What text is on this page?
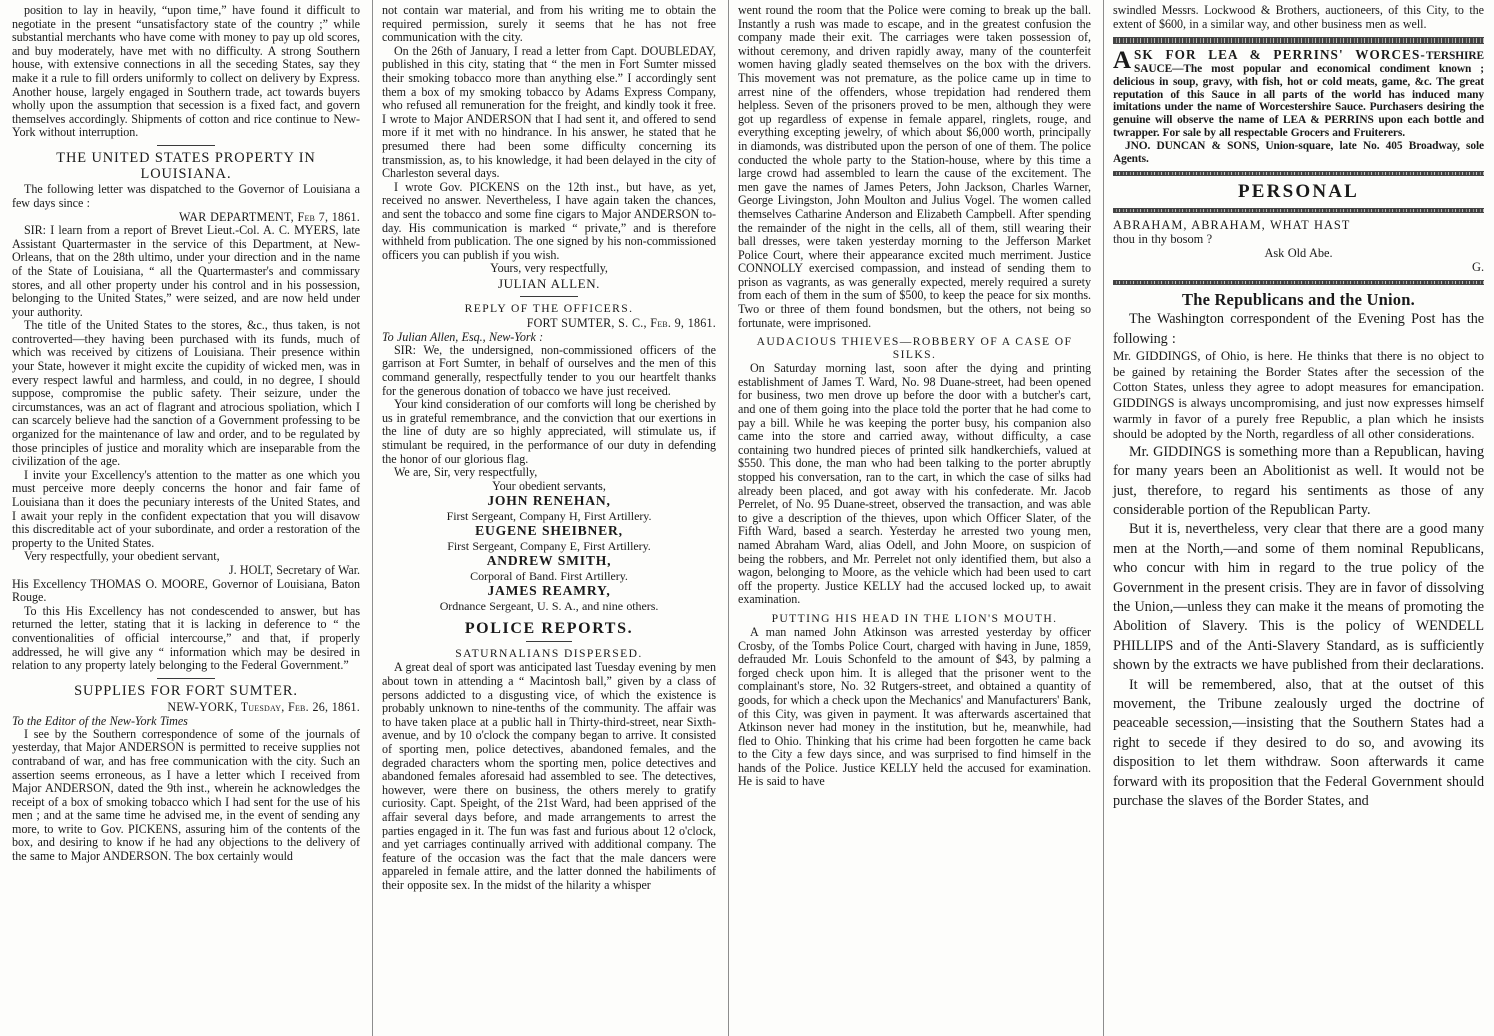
position to lay in heavily, “upon time,” have found it difficult to negotiate in the present “unsatisfactory state of the country ;” while substantial merchants who have come with money to pay up old scores, and buy moderately, have met with no difficulty. A strong Southern house, with extensive connections in all the seceding States, say they make it a rule to fill orders uniformly to collect on delivery by Express. Another house, largely engaged in Southern trade, act towards buyers wholly upon the assumption that secession is a fixed fact, and govern themselves accordingly. Shipments of cotton and rice continue to New-York without interruption.

THE UNITED STATES PROPERTY IN LOUISIANA.

The following letter was dispatched to the Governor of Louisiana a few days since :

WAR DEPARTMENT, Feb 7, 1861.

SIR: I learn from a report of Brevet Lieut.-Col. A. C. MYERS, late Assistant Quartermaster in the service of this Department, at New-Orleans, that on the 28th ultimo, under your direction and in the name of the State of Louisiana, “ all the Quartermaster's and commissary stores, and all other property under his control and in his possession, belonging to the United States,” were seized, and are now held under your authority.

The title of the United States to the stores, &c., thus taken, is not controverted—they having been purchased with its funds, much of which was received by citizens of Louisiana. Their presence within your State, however it might excite the cupidity of wicked men, was in every respect lawful and harmless, and could, in no degree, I should suppose, compromise the public safety. Their seizure, under the circumstances, was an act of flagrant and atrocious spoliation, which I can scarcely believe had the sanction of a Government professing to be organized for the maintenance of law and order, and to be regulated by those principles of justice and morality which are inseparable from the civilization of the age.

I invite your Excellency's attention to the matter as one which you must perceive more deeply concerns the honor and fair fame of Louisiana than it does the pecuniary interests of the United States, and I await your reply in the confident expectation that you will disavow this discreditable act of your subordinate, and order a restoration of the property to the United States.

Very respectfully, your obedient servant,

J. HOLT, Secretary of War.

His Excellency THOMAS O. MOORE, Governor of Louisiana, Baton Rouge.

To this His Excellency has not condescended to answer, but has returned the letter, stating that it is lacking in deference to “ the conventionalities of official intercourse,” and that, if properly addressed, he will give any “ information which may be desired in relation to any property lately belonging to the Federal Government.”

SUPPLIES FOR FORT SUMTER.

NEW-YORK, Tuesday, Feb. 26, 1861.

To the Editor of the New-York Times

I see by the Southern correspondence of some of the journals of yesterday, that Major ANDERSON is permitted to receive supplies not contraband of war, and has free communication with the city. Such an assertion seems erroneous, as I have a letter which I received from Major ANDERSON, dated the 9th inst., wherein he acknowledges the receipt of a box of smoking tobacco which I had sent for the use of his men ; and at the same time he advised me, in the event of sending any more, to write to Gov. PICKENS, assuring him of the contents of the box, and desiring to know if he had any objections to the delivery of the same to Major ANDERSON. The box certainly would

not contain war material, and from his writing me to obtain the required permission, surely it seems that he has not free communication with the city.

On the 26th of January, I read a letter from Capt. DOUBLEDAY, published in this city, stating that “ the men in Fort Sumter missed their smoking tobacco more than anything else.” I accordingly sent them a box of my smoking tobacco by Adams Express Company, who refused all remuneration for the freight, and kindly took it free. I wrote to Major ANDERSON that I had sent it, and offered to send more if it met with no hindrance. In his answer, he stated that he presumed there had been some difficulty concerning its transmission, as, to his knowledge, it had been delayed in the city of Charleston several days.

I wrote Gov. PICKENS on the 12th inst., but have, as yet, received no answer. Nevertheless, I have again taken the chances, and sent the tobacco and some fine cigars to Major ANDERSON to-day. His communication is marked “ private,” and is therefore withheld from publication. The one signed by his non-commissioned officers you can publish if you wish.

Yours, very respectfully,

JULIAN ALLEN.

REPLY OF THE OFFICERS.

FORT SUMTER, S. C., Feb. 9, 1861.

To Julian Allen, Esq., New-York :

SIR: We, the undersigned, non-commissioned officers of the garrison at Fort Sumter, in behalf of ourselves and the men of this command generally, respectfully tender to you our heartfelt thanks for the generous donation of tobacco we have just received.

Your kind consideration of our comforts will long be cherished by us in grateful remembrance, and the conviction that our exertions in the line of duty are so highly appreciated, will stimulate us, if stimulant be required, in the performance of our duty in defending the honor of our glorious flag.

We are, Sir, very respectfully,

Your obedient servants,

JOHN RENEHAN,

First Sergeant, Company H, First Artillery.

EUGENE SHEIBNER,

First Sergeant, Company E, First Artillery.

ANDREW SMITH,

Corporal of Band. First Artillery.

JAMES REAMRY,

Ordnance Sergeant, U. S. A., and nine others.

POLICE REPORTS.
SATURNALIANS DISPERSED.

A great deal of sport was anticipated last Tuesday evening by men about town in attending a “ Macintosh ball,” given by a class of persons addicted to a disgusting vice, of which the existence is probably unknown to nine-tenths of the community. The affair was to have taken place at a public hall in Thirty-third-street, near Sixth-avenue, and by 10 o'clock the company began to arrive. It consisted of sporting men, police detectives, abandoned females, and the degraded characters whom the sporting men, police detectives and abandoned females aforesaid had assembled to see. The detectives, however, were there on business, the others merely to gratify curiosity. Capt. Speight, of the 21st Ward, had been apprised of the affair several days before, and made arrangements to arrest the parties engaged in it. The fun was fast and furious about 12 o'clock, and yet carriages continually arrived with additional company. The feature of the occasion was the fact that the male dancers were appareled in female attire, and the latter donned the habiliments of their opposite sex. In the midst of the hilarity a whisper

went round the room that the Police were coming to break up the ball. Instantly a rush was made to escape, and in the greatest confusion the company made their exit. The carriages were taken possession of, without ceremony, and driven rapidly away, many of the counterfeit women having gladly seated themselves on the box with the drivers. This movement was not premature, as the police came up in time to arrest nine of the offenders, whose trepidation had rendered them helpless. Seven of the prisoners proved to be men, although they were got up regardless of expense in female apparel, ringlets, rouge, and everything excepting jewelry, of which about $6,000 worth, principally in diamonds, was distributed upon the person of one of them. The police conducted the whole party to the Station-house, where by this time a large crowd had assembled to learn the cause of the excitement. The men gave the names of James Peters, John Jackson, Charles Warner, George Livingston, John Moulton and Julius Vogel. The women called themselves Catharine Anderson and Elizabeth Campbell. After spending the remainder of the night in the cells, all of them, still wearing their ball dresses, were taken yesterday morning to the Jefferson Market Police Court, where their appearance excited much merriment. Justice CONNOLLY exercised compassion, and instead of sending them to prison as vagrants, as was generally expected, merely required a surety from each of them in the sum of $500, to keep the peace for six months. Two or three of them found bondsmen, but the others, not being so fortunate, were imprisoned.

AUDACIOUS THIEVES—ROBBERY OF A CASE OF SILKS.

On Saturday morning last, soon after the dying and printing establishment of James T. Ward, No. 98 Duane-street, had been opened for business, two men drove up before the door with a butcher's cart, and one of them going into the place told the porter that he had come to pay a bill. While he was keeping the porter busy, his companion also came into the store and carried away, without difficulty, a case containing two hundred pieces of printed silk handkerchiefs, valued at $550. This done, the man who had been talking to the porter abruptly stopped his conversation, ran to the cart, in which the case of silks had already been placed, and got away with his confederate. Mr. Jacob Perrelet, of No. 95 Duane-street, observed the transaction, and was able to give a description of the thieves, upon which Officer Slater, of the Fifth Ward, based a search. Yesterday he arrested two young men, named Abraham Ward, alias Odell, and John Moore, on suspicion of being the robbers, and Mr. Perrelet not only identified them, but also a wagon, belonging to Moore, as the vehicle which had been used to cart off the property. Justice KELLY had the accused locked up, to await examination.

PUTTING HIS HEAD IN THE LION'S MOUTH.

A man named John Atkinson was arrested yesterday by officer Crosby, of the Tombs Police Court, charged with having in June, 1859, defrauded Mr. Louis Schonfeld to the amount of $43, by palming a forged check upon him. It is alleged that the prisoner went to the complainant's store, No. 32 Rutgers-street, and obtained a quantity of goods, for which a check upon the Mechanics' and Manufacturers' Bank, of this City, was given in payment. It was afterwards ascertained that Atkinson never had money in the institution, but he, meanwhile, had fled to Ohio. Thinking that his crime had been forgotten he came back to the City a few days since, and was surprised to find himself in the hands of the Police. Justice KELLY held the accused for examination. He is said to have

swindled Messrs. Lockwood & Brothers, auctioneers, of this City, to the extent of $600, in a similar way, and other business men as well.

ASK FOR LEA & PERRINS' WORCES-TERSHIRE SAUCE—The most popular and economical condiment known ; delicious in soup, gravy, with fish, hot or cold meats, game, &c. The great reputation of this Sauce in all parts of the world has induced many imitations under the name of Worcestershire Sauce. Purchasers desiring the genuine will observe the name of LEA & PERRINS upon each bottle and twrapper. For sale by all respectable Grocers and Fruiterers.

JNO. DUNCAN & SONS, Union-square, late No. 405 Broadway, sole Agents.

PERSONAL

ABRAHAM, ABRAHAM, WHAT HAST

thou in thy bosom ?

Ask Old Abe.

G.

The Republicans and the Union.

The Washington correspondent of the Evening Post has the following :

Mr. GIDDINGS, of Ohio, is here. He thinks that there is no object to be gained by retaining the Border States after the secession of the Cotton States, unless they agree to adopt measures for emancipation. GIDDINGS is always uncompromising, and just now expresses himself warmly in favor of a purely free Republic, a plan which he insists should be adopted by the North, regardless of all other considerations.

Mr. GIDDINGS is something more than a Republican, having for many years been an Abolitionist as well. It would not be just, therefore, to regard his sentiments as those of any considerable portion of the Republican Party.

But it is, nevertheless, very clear that there are a good many men at the North,—and some of them nominal Republicans, who concur with him in regard to the true policy of the Government in the present crisis. They are in favor of dissolving the Union,—unless they can make it the means of promoting the Abolition of Slavery. This is the policy of WENDELL PHILLIPS and of the Anti-Slavery Standard, as is sufficiently shown by the extracts we have published from their declarations.

It will be remembered, also, that at the outset of this movement, the Tribune zealously urged the doctrine of peaceable secession,—insisting that the Southern States had a right to secede if they desired to do so, and avowing its disposition to let them withdraw. Soon afterwards it came forward with its proposition that the Federal Government should purchase the slaves of the Border States, and
